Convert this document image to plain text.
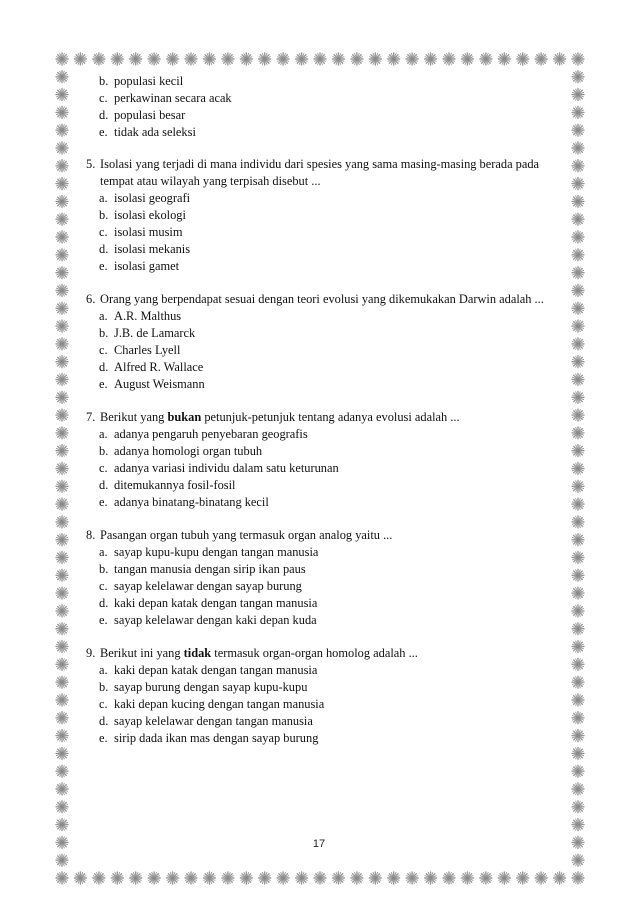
b. populasi kecil
c. perkawinan secara acak
d. populasi besar
e. tidak ada seleksi
5. Isolasi yang terjadi di mana individu dari spesies yang sama masing-masing berada pada
tempat atau wilayah yang terpisah disebut ...
a. isolasi geografi
b. isolasi ekologi
c. isolasi musim
d. isolasi mekanis
e. isolasi gamet
6. Orang yang berpendapat sesuai dengan teori evolusi yang dikemukakan Darwin adalah ...
a. A.R. Malthus
b. J.B. de Lamarck
c. Charles Lyell
d. Alfred R. Wallace
e. August Weismann
7. Berikut yang bukan petunjuk-petunjuk tentang adanya evolusi adalah ...
a. adanya pengaruh penyebaran geografis
b. adanya homologi organ tubuh
c. adanya variasi individu dalam satu keturunan
d. ditemukannya fosil-fosil
e. adanya binatang-binatang kecil
8. Pasangan organ tubuh yang termasuk organ analog yaitu ...
a. sayap kupu-kupu dengan tangan manusia
b. tangan manusia dengan sirip ikan paus
c. sayap kelelawar dengan sayap burung
d. kaki depan katak dengan tangan manusia
e. sayap kelelawar dengan kaki depan kuda
9. Berikut ini yang tidak termasuk organ-organ homolog adalah ...
a. kaki depan katak dengan tangan manusia
b. sayap burung dengan sayap kupu-kupu
c. kaki depan kucing dengan tangan manusia
d. sayap kelelawar dengan tangan manusia
e. sirip dada ikan mas dengan sayap burung
17
